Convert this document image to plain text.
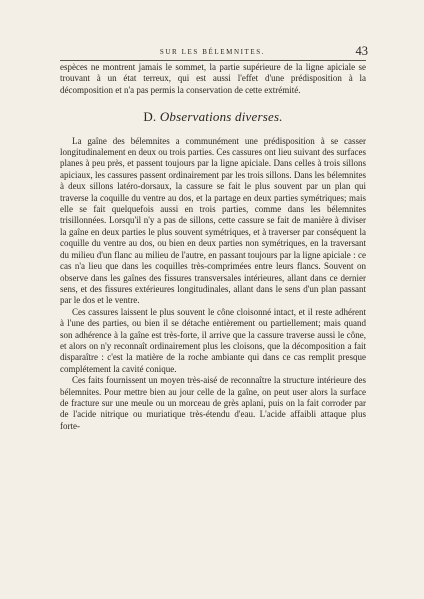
SUR LES BÉLEMNITES.	43

espèces ne montrent jamais le sommet, la partie supérieure de la ligne apiciale se trouvant à un état terreux, qui est aussi l'effet d'une prédisposition à la décomposition et n'a pas permis la conservation de cette extrémité.

D. Observations diverses.

La gaîne des bélemnites a communément une prédisposition à se casser longitudinalement en deux ou trois parties. Ces cassures ont lieu suivant des surfaces planes à peu près, et passent toujours par la ligne apiciale. Dans celles à trois sillons apiciaux, les cassures passent ordinairement par les trois sillons. Dans les bélemnites à deux sillons latéro-dorsaux, la cassure se fait le plus souvent par un plan qui traverse la coquille du ventre au dos, et la partage en deux parties symétriques; mais elle se fait quelquefois aussi en trois parties, comme dans les bélemnites trisillonnées. Lorsqu'il n'y a pas de sillons, cette cassure se fait de manière à diviser la gaîne en deux parties le plus souvent symétriques, et à traverser par conséquent la coquille du ventre au dos, ou bien en deux parties non symétriques, en la traversant du milieu d'un flanc au milieu de l'autre, en passant toujours par la ligne apiciale : ce cas n'a lieu que dans les coquilles très-comprimées entre leurs flancs. Souvent on observe dans les gaînes des fissures transversales intérieures, allant dans ce dernier sens, et des fissures extérieures longitudinales, allant dans le sens d'un plan passant par le dos et le ventre.

Ces cassures laissent le plus souvent le cône cloisonné intact, et il reste adhérent à l'une des parties, ou bien il se détache entièrement ou partiellement; mais quand son adhérence à la gaîne est très-forte, il arrive que la cassure traverse aussi le cône, et alors on n'y reconnaît ordinairement plus les cloisons, que la décomposition a fait disparaître : c'est la matière de la roche ambiante qui dans ce cas remplit presque complétement la cavité conique.

Ces faits fournissent un moyen très-aisé de reconnaître la structure intérieure des bélemnites. Pour mettre bien au jour celle de la gaîne, on peut user alors la surface de fracture sur une meule ou un morceau de grès aplani, puis on la fait corroder par de l'acide nitrique ou muriatique très-étendu d'eau. L'acide affaibli attaque plus forte-
